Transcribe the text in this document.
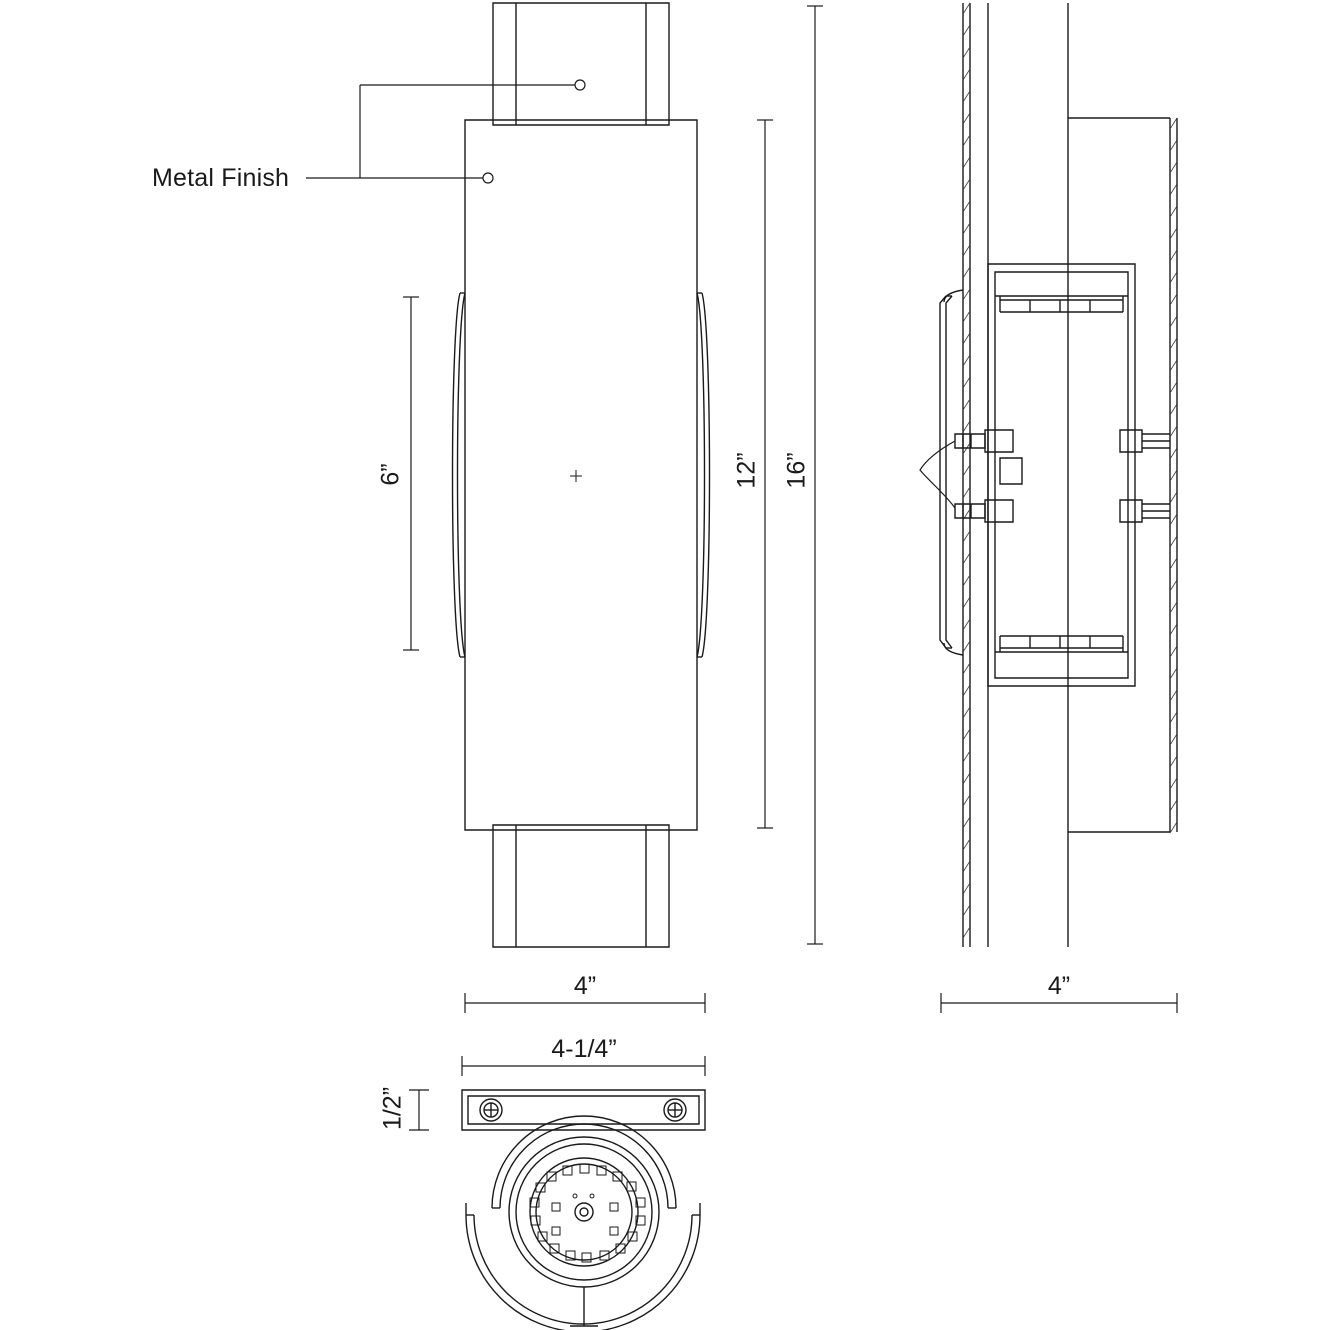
Metal Finish
6”	12” 16”
4”	4”
4-1/4”
1/2”
